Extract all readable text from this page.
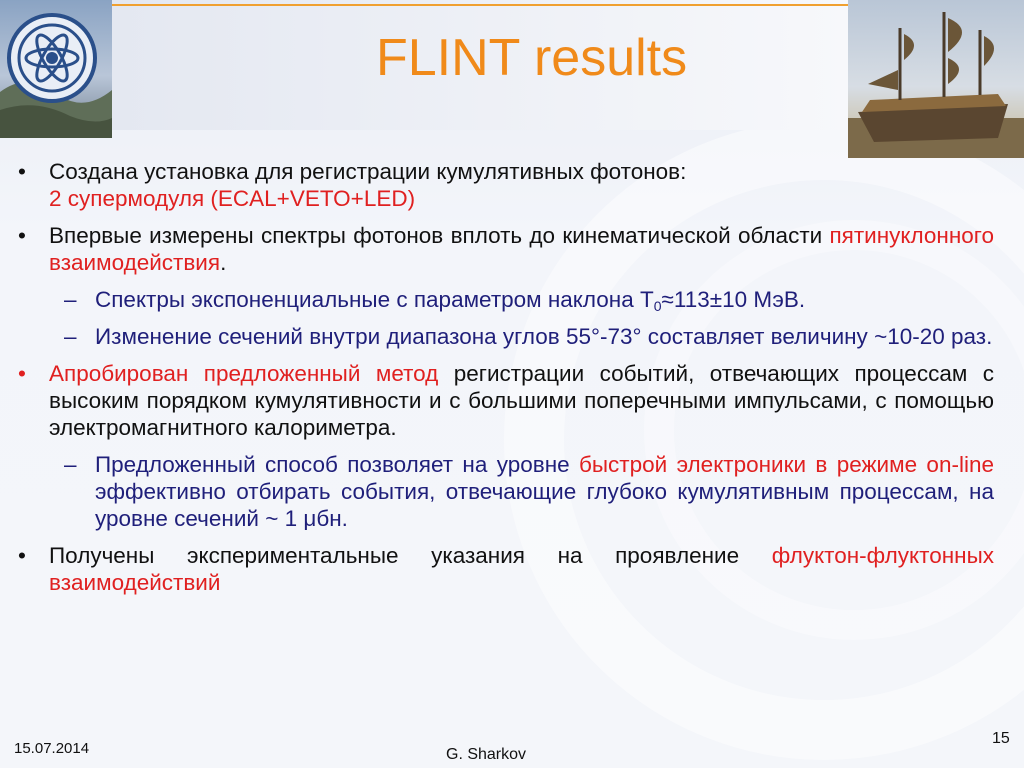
FLINT results
•	Создана установка для регистрации кумулятивных фотонов:
2 супермодуля (ECAL+VETO+LED)
•	Впервые измерены спектры фотонов вплоть до кинематической области пятинуклонного взаимодействия.
– Спектры экспоненциальные с параметром наклона $T_0\approx 113\pm 10$ МэВ.
– Изменение сечений внутри диапазона углов 55°-73° составляет величину ~10-20 раз.
•	Апробирован предложенный метод регистрации событий, отвечающих процессам с высоким порядком кумулятивности и с большими поперечными импульсами, с помощью электромагнитного калориметра.
– Предложенный способ позволяет на уровне быстрой электроники в режиме on-line эффективно отбирать события, отвечающие глубоко кумулятивным процессам, на уровне сечений ~ 1 μбн.
•	Получены экспериментальные указания на проявление флуктон-флуктонных взаимодействий
15.07.2014	G. Sharkov
15
